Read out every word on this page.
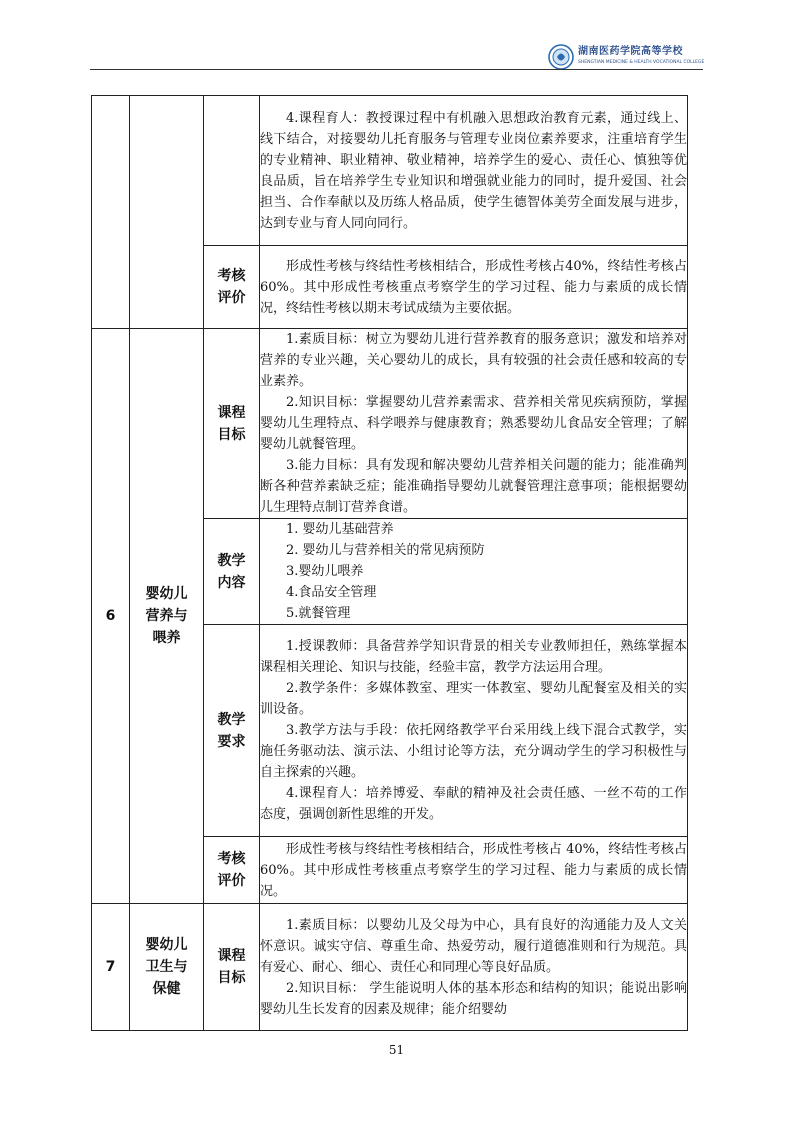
湖南医药学院高等学校
SHENGTIAN MEDICINE & HEALTH VOCATIONAL COLLEGE

			4.课程育人：教授课过程中有机融入思想政治教育元素，通过线上、线下结合，对接婴幼儿托育服务与管理专业岗位素养要求，注重培育学生的专业精神、职业精神、敬业精神，培养学生的爱心、责任心、慎独等优良品质，旨在培养学生专业知识和增强就业能力的同时，提升爱国、社会担当、合作奉献以及历练人格品质，使学生德智体美劳全面发展与进步，达到专业与育人同向同行。

		考核评价	形成性考核与终结性考核相结合，形成性考核占40%，终结性考核占60%。其中形成性考核重点考察学生的学习过程、能力与素质的成长情况，终结性考核以期末考试成绩为主要依据。

6	婴幼儿营养与喂养	课程目标	1.素质目标：树立为婴幼儿进行营养教育的服务意识；激发和培养对营养的专业兴趣，关心婴幼儿的成长，具有较强的社会责任感和较高的专业素养。

2.知识目标：掌握婴幼儿营养素需求、营养相关常见疾病预防，掌握婴幼儿生理特点、科学喂养与健康教育；熟悉婴幼儿食品安全管理；了解婴幼儿就餐管理。

3.能力目标：具有发现和解决婴幼儿营养相关问题的能力；能准确判断各种营养素缺乏症；能准确指导婴幼儿就餐管理注意事项；能根据婴幼儿生理特点制订营养食谱。

		教学内容	1. 婴幼儿基础营养

2. 婴幼儿与营养相关的常见病预防

3.婴幼儿喂养

4.食品安全管理

5.就餐管理

		教学要求	1.授课教师：具备营养学知识背景的相关专业教师担任，熟练掌握本课程相关理论、知识与技能，经验丰富，教学方法运用合理。

2.教学条件：多媒体教室、理实一体教室、婴幼儿配餐室及相关的实训设备。

3.教学方法与手段：依托网络教学平台采用线上线下混合式教学，实施任务驱动法、演示法、小组讨论等方法，充分调动学生的学习积极性与自主探索的兴趣。

4.课程育人：培养博爱、奉献的精神及社会责任感、一丝不苟的工作态度，强调创新性思维的开发。

		考核评价	形成性考核与终结性考核相结合，形成性考核占 40%，终结性考核占 60%。其中形成性考核重点考察学生的学习过程、能力与素质的成长情况。

7	婴幼儿卫生与保健	课程目标	1.素质目标：以婴幼儿及父母为中心，具有良好的沟通能力及人文关怀意识。诚实守信、尊重生命、热爱劳动，履行道德准则和行为规范。具有爱心、耐心、细心、责任心和同理心等良好品质。

2.知识目标： 学生能说明人体的基本形态和结构的知识；能说出影响婴幼儿生长发育的因素及规律；能介绍婴幼

51
